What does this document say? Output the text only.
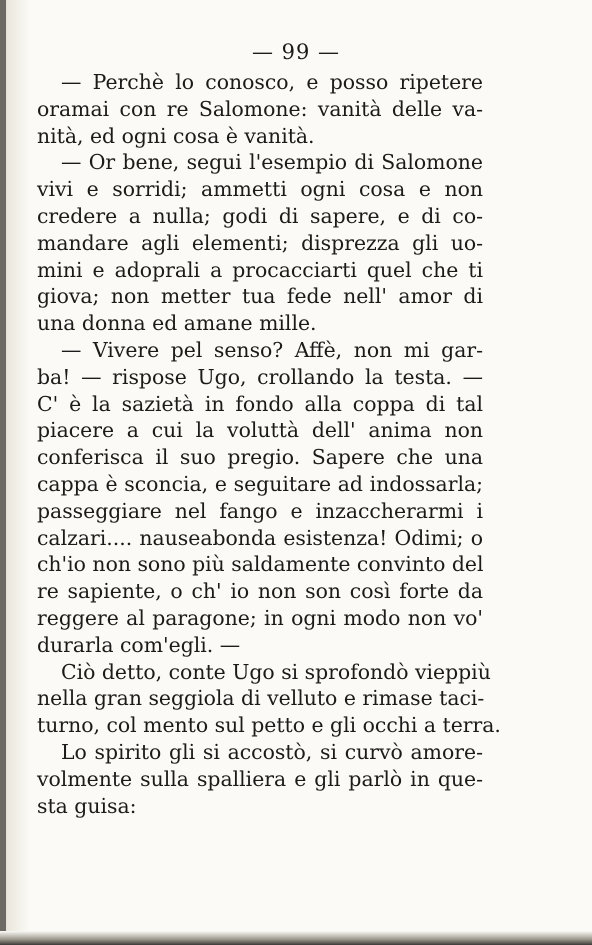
— 99 —
— Perchè lo conosco, e posso ripetere
oramai con re Salomone: vanità delle va-
nità, ed ogni cosa è vanità.
— Or bene, segui l'esempio di Salomone
vivi e sorridi; ammetti ogni cosa e non
credere a nulla; godi di sapere, e di co-
mandare agli elementi; disprezza gli uo-
mini e adoprali a procacciarti quel che ti
giova; non metter tua fede nell' amor di
una donna ed amane mille.
— Vivere pel senso? Affè, non mi gar-
ba! — rispose Ugo, crollando la testa. —
C' è la sazietà in fondo alla coppa di tal
piacere a cui la voluttà dell' anima non
conferisca il suo pregio. Sapere che una
cappa è sconcia, e seguitare ad indossarla;
passeggiare nel fango e inzaccherarmi i
calzari.... nauseabonda esistenza! Odimi; o
ch'io non sono più saldamente convinto del
re sapiente, o ch' io non son così forte da
reggere al paragone; in ogni modo non vo'
durarla com'egli. —
Ciò detto, conte Ugo si sprofondò vieppiù
nella gran seggiola di velluto e rimase taci-
turno, col mento sul petto e gli occhi a terra.
Lo spirito gli si accostò, si curvò amore-
volmente sulla spalliera e gli parlò in que-
sta guisa:
